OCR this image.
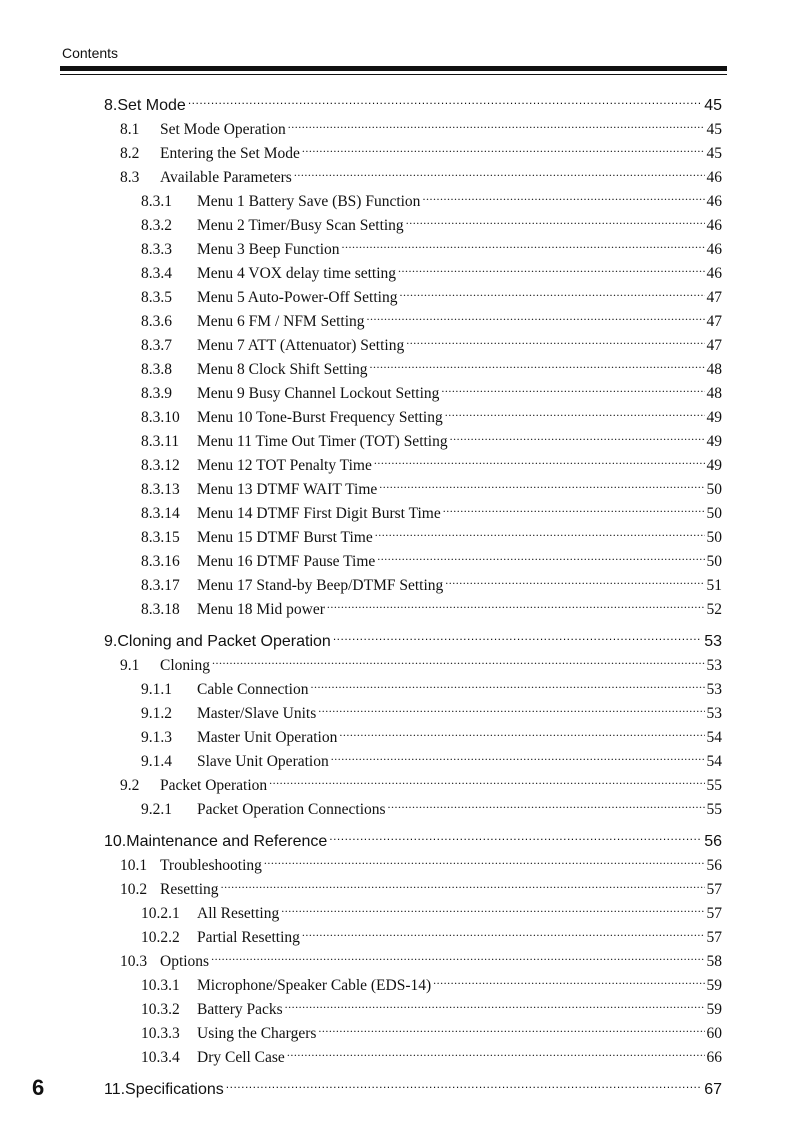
Contents
8.Set Mode .....	45
8.1	Set Mode Operation .....	45
8.2	Entering the Set Mode .....	45
8.3	Available Parameters .....	46
8.3.1	Menu 1 Battery Save (BS) Function .....	46
8.3.2	Menu 2 Timer/Busy Scan Setting .....	46
8.3.3	Menu 3 Beep Function .....	46
8.3.4	Menu 4 VOX delay time setting .....	46
8.3.5	Menu 5 Auto-Power-Off Setting .....	47
8.3.6	Menu 6 FM / NFM Setting .....	47
8.3.7	Menu 7 ATT (Attenuator) Setting .....	47
8.3.8	Menu 8 Clock Shift Setting .....	48
8.3.9	Menu 9 Busy Channel Lockout Setting .....	48
8.3.10	Menu 10 Tone-Burst Frequency Setting .....	49
8.3.11	Menu 11 Time Out Timer (TOT) Setting .....	49
8.3.12	Menu 12 TOT Penalty Time .....	49
8.3.13	Menu 13 DTMF WAIT Time .....	50
8.3.14	Menu 14 DTMF First Digit Burst Time .....	50
8.3.15	Menu 15 DTMF Burst Time .....	50
8.3.16	Menu 16 DTMF Pause Time .....	50
8.3.17	Menu 17 Stand-by Beep/DTMF Setting .....	51
8.3.18	Menu 18 Mid power .....	52
9.Cloning and Packet Operation .....	53
9.1	Cloning .....	53
9.1.1	Cable Connection .....	53
9.1.2	Master/Slave Units .....	53
9.1.3	Master Unit Operation .....	54
9.1.4	Slave Unit Operation .....	54
9.2	Packet Operation .....	55
9.2.1	Packet Operation Connections .....	55
10.Maintenance and Reference .....	56
10.1 Troubleshooting .....	56
10.2 Resetting .....	57
10.2.1	All Resetting .....	57
10.2.2	Partial Resetting .....	57
10.3 Options .....	58
10.3.1	Microphone/Speaker Cable (EDS-14) .....	59
10.3.2	Battery Packs .....	59
10.3.3	Using the Chargers .....	60
10.3.4	Dry Cell Case .....	66
11.Specifications .....	67
6
